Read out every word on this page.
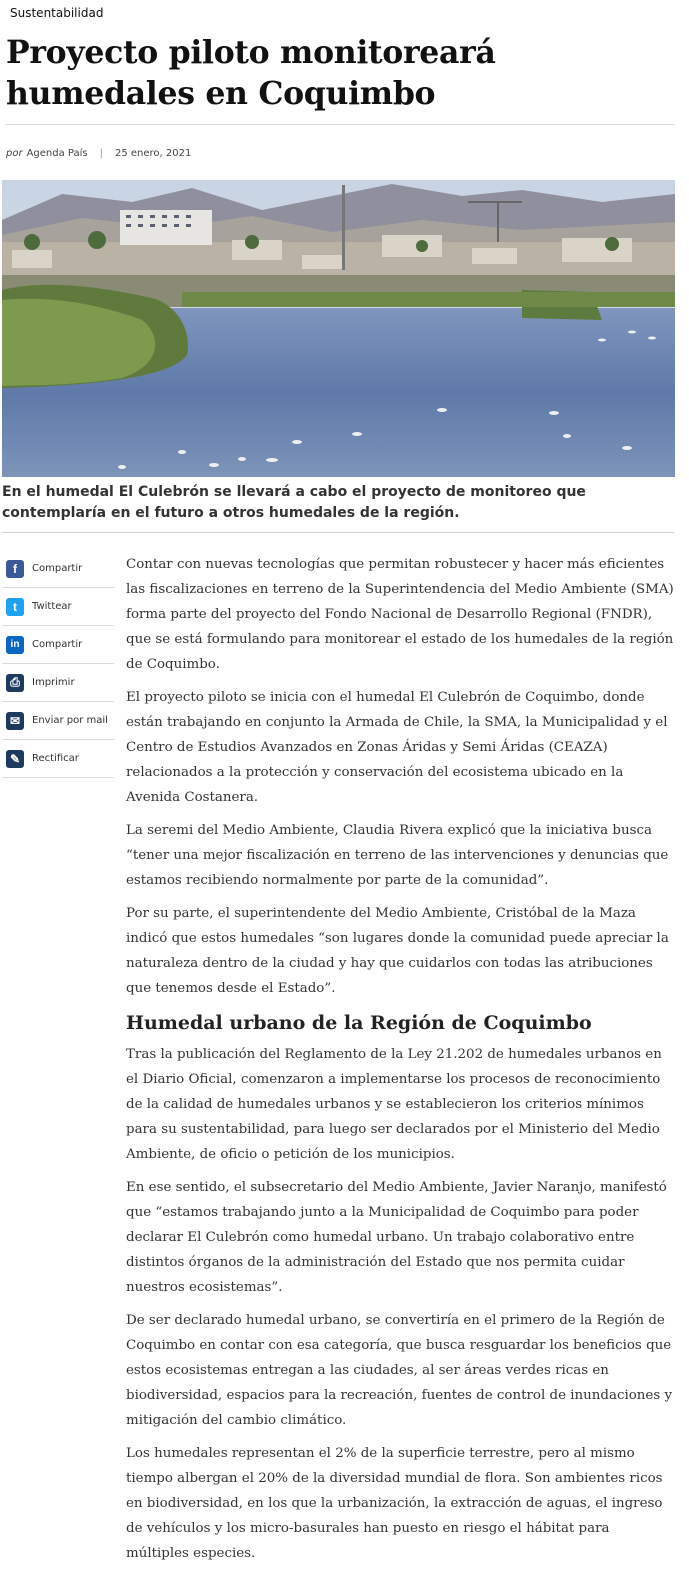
Sustentabilidad
Proyecto piloto monitoreará humedales en Coquimbo
por Agenda País | 25 enero, 2021
En el humedal El Culebrón se llevará a cabo el proyecto de monitoreo que contemplaría en el futuro a otros humedales de la región.
f	Compartir
t	Twittear
in	Compartir
⎙	Imprimir
✉	Enviar por mail
✎	Rectificar

Contar con nuevas tecnologías que permitan robustecer y hacer más eficientes las fiscalizaciones en terreno de la Superintendencia del Medio Ambiente (SMA) forma parte del proyecto del Fondo Nacional de Desarrollo Regional (FNDR), que se está formulando para monitorear el estado de los humedales de la región de Coquimbo.

El proyecto piloto se inicia con el humedal El Culebrón de Coquimbo, donde están trabajando en conjunto la Armada de Chile, la SMA, la Municipalidad y el Centro de Estudios Avanzados en Zonas Áridas y Semi Áridas (CEAZA) relacionados a la protección y conservación del ecosistema ubicado en la Avenida Costanera.

La seremi del Medio Ambiente, Claudia Rivera explicó que la iniciativa busca “tener una mejor fiscalización en terreno de las intervenciones y denuncias que estamos recibiendo normalmente por parte de la comunidad”.

Por su parte, el superintendente del Medio Ambiente, Cristóbal de la Maza indicó que estos humedales “son lugares donde la comunidad puede apreciar la naturaleza dentro de la ciudad y hay que cuidarlos con todas las atribuciones que tenemos desde el Estado”.

Humedal urbano de la Región de Coquimbo

Tras la publicación del Reglamento de la Ley 21.202 de humedales urbanos en el Diario Oficial, comenzaron a implementarse los procesos de reconocimiento de la calidad de humedales urbanos y se establecieron los criterios mínimos para su sustentabilidad, para luego ser declarados por el Ministerio del Medio Ambiente, de oficio o petición de los municipios.

En ese sentido, el subsecretario del Medio Ambiente, Javier Naranjo, manifestó que “estamos trabajando junto a la Municipalidad de Coquimbo para poder declarar El Culebrón como humedal urbano. Un trabajo colaborativo entre distintos órganos de la administración del Estado que nos permita cuidar nuestros ecosistemas”.

De ser declarado humedal urbano, se convertiría en el primero de la Región de Coquimbo en contar con esa categoría, que busca resguardar los beneficios que estos ecosistemas entregan a las ciudades, al ser áreas verdes ricas en biodiversidad, espacios para la recreación, fuentes de control de inundaciones y mitigación del cambio climático.

Los humedales representan el 2% de la superficie terrestre, pero al mismo tiempo albergan el 20% de la diversidad mundial de flora. Son ambientes ricos en biodiversidad, en los que la urbanización, la extracción de aguas, el ingreso de vehículos y los micro-basurales han puesto en riesgo el hábitat para múltiples especies.
